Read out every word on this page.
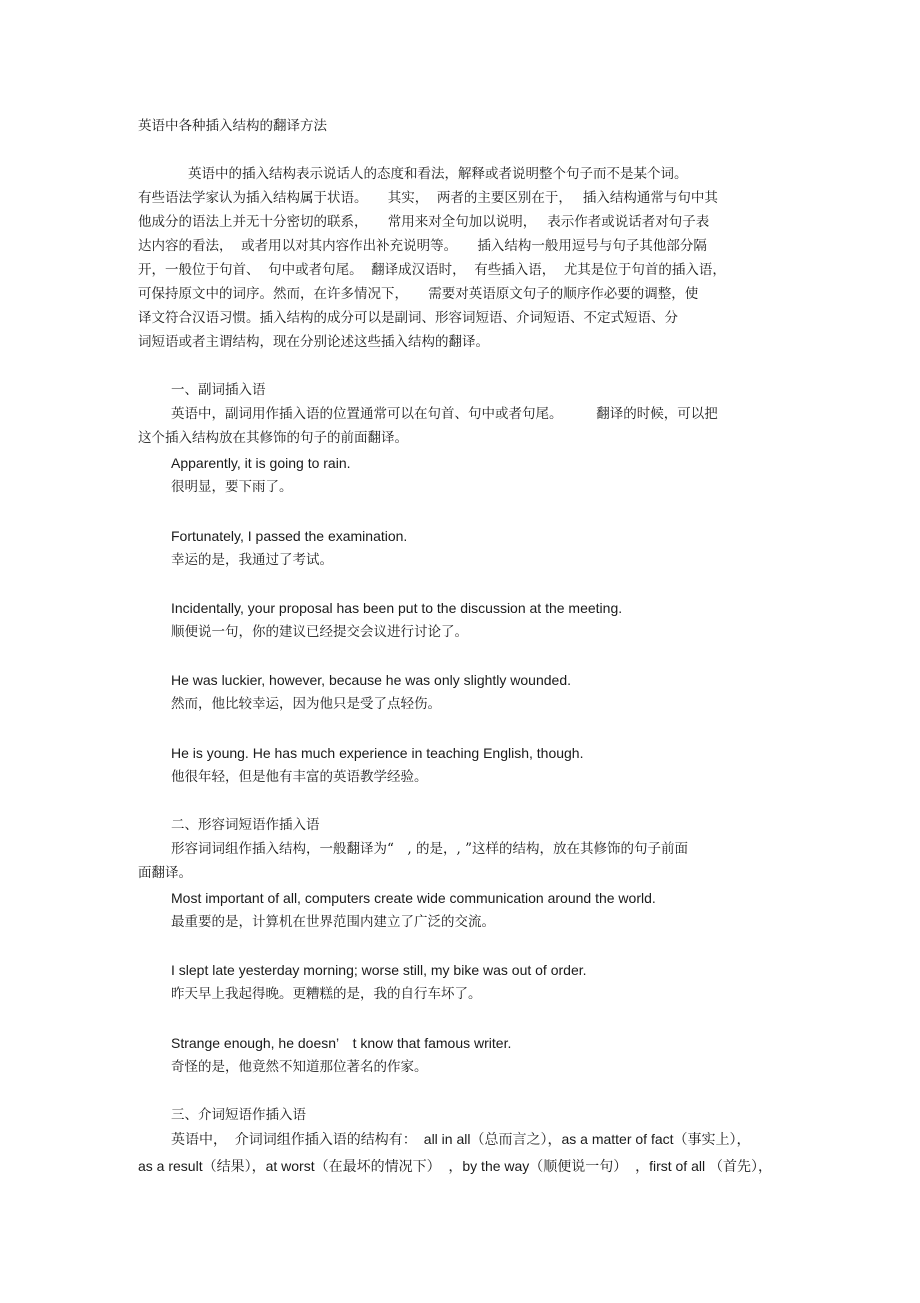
英语中各种插入结构的翻译方法
英语中的插入结构表示说话人的态度和看法，解释或者说明整个句子而不是某个词。
有些语法学家认为插入结构属于状语。　　其实，  两者的主要区别在于，　 插入结构通常与句中其
他成分的语法上并无十分密切的联系，　　常用来对全句加以说明，　 表示作者或说话者对句子表
达内容的看法，  或者用以对其内容作出补充说明等。　　插入结构一般用逗号与句子其他部分隔
开，一般位于句首、  句中或者句尾。  翻译成汉语时，  有些插入语，  尤其是位于句首的插入语，
可保持原文中的词序。然而，在许多情况下，　　需要对英语原文句子的顺序作必要的调整，使
译文符合汉语习惯。插入结构的成分可以是副词、形容词短语、介词短语、不定式短语、分
词短语或者主谓结构，现在分别论述这些插入结构的翻译。
一、副词插入语
英语中，副词用作插入语的位置通常可以在句首、句中或者句尾。　　　翻译的时候，可以把
这个插入结构放在其修饰的句子的前面翻译。
Apparently, it is going to rain.
很明显，要下雨了。
Fortunately, I passed the examination.
幸运的是，我通过了考试。
Incidentally, your proposal has been put to the discussion at the meeting.
顺便说一句，你的建议已经提交会议进行讨论了。
He was luckier, however, because he was only slightly wounded.
然而，他比较幸运，因为他只是受了点轻伤。
He is young. He has much experience in teaching English, though.
他很年轻，但是他有丰富的英语教学经验。
二、形容词短语作插入语
形容词词组作插入结构，一般翻译为“　, 的是，, ”这样的结构，放在其修饰的句子前面
面翻译。
Most important of all, computers create wide communication around the world.
最重要的是，计算机在世界范围内建立了广泛的交流。
I slept late yesterday morning; worse still, my bike was out of order.
昨天早上我起得晚。更糟糕的是，我的自行车坏了。
Strange enough, he doesn’　t know that famous writer.
奇怪的是，他竟然不知道那位著名的作家。
三、介词短语作插入语
英语中，  介词词组作插入语的结构有：　all in all（总而言之），as a matter of fact（事实上），
as a result（结果），at worst（在最坏的情况下）  ，by the way（顺便说一句）  ，first of all （首先），
